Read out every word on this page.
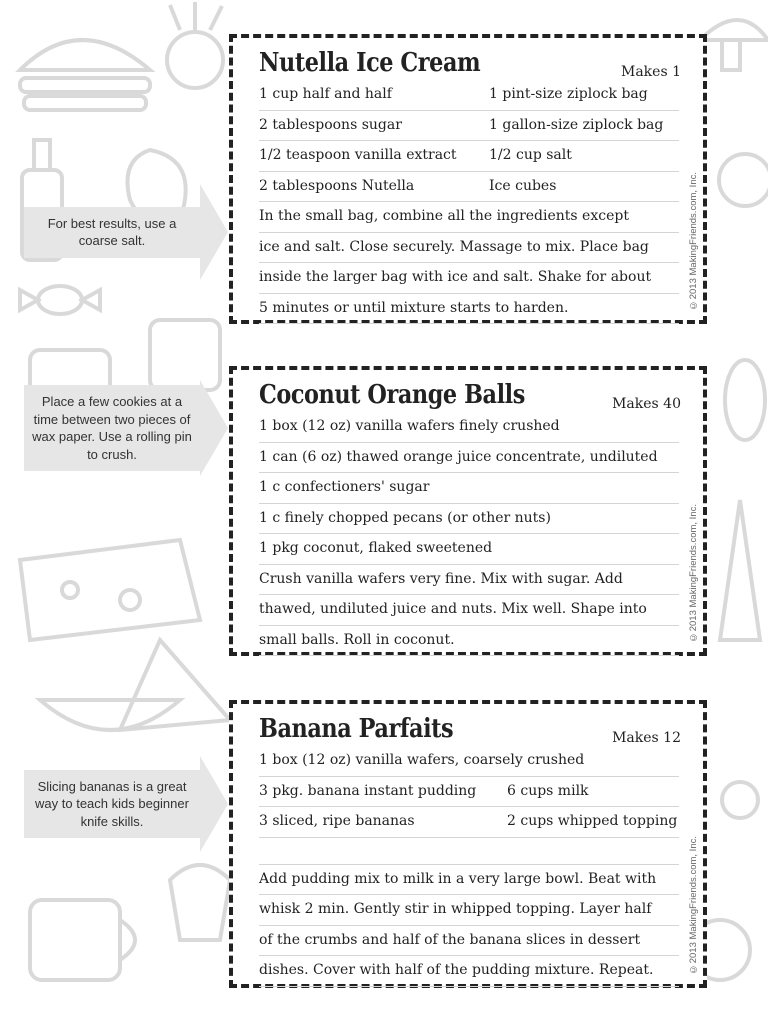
For best results, use a coarse salt.
Place a few cookies at a time between two pieces of wax paper. Use a rolling pin to crush.
Slicing bananas is a great way to teach kids beginner knife skills.
Nutella Ice Cream	Makes 1
1 cup half and half	1 pint-size ziplock bag
2 tablespoons sugar	1 gallon-size ziplock bag
1/2 teaspoon vanilla extract 1/2 cup salt
2 tablespoons Nutella	Ice cubes
In the small bag, combine all the ingredients except
ice and salt. Close securely. Massage to mix. Place bag
inside the larger bag with ice and salt. Shake for about
5 minutes or until mixture starts to harden.	©2013 MakingFriends.com, Inc.
Coconut Orange Balls	Makes 40
1 box (12 oz) vanilla wafers finely crushed
1 can (6 oz) thawed orange juice concentrate, undiluted
1 c confectioners' sugar
1 c finely chopped pecans (or other nuts)
1 pkg coconut, flaked sweetened
Crush vanilla wafers very fine. Mix with sugar. Add
thawed, undiluted juice and nuts. Mix well. Shape into
small balls. Roll in coconut.	©2013 MakingFriends.com, Inc.
Banana Parfaits	Makes 12
1 box (12 oz) vanilla wafers, coarsely crushed
3 pkg. banana instant pudding 6 cups milk
3 sliced, ripe bananas	2 cups whipped topping
Add pudding mix to milk in a very large bowl. Beat with
whisk 2 min. Gently stir in whipped topping. Layer half
of the crumbs and half of the banana slices in dessert
dishes. Cover with half of the pudding mixture. Repeat.	©2013 MakingFriends.com, Inc.
